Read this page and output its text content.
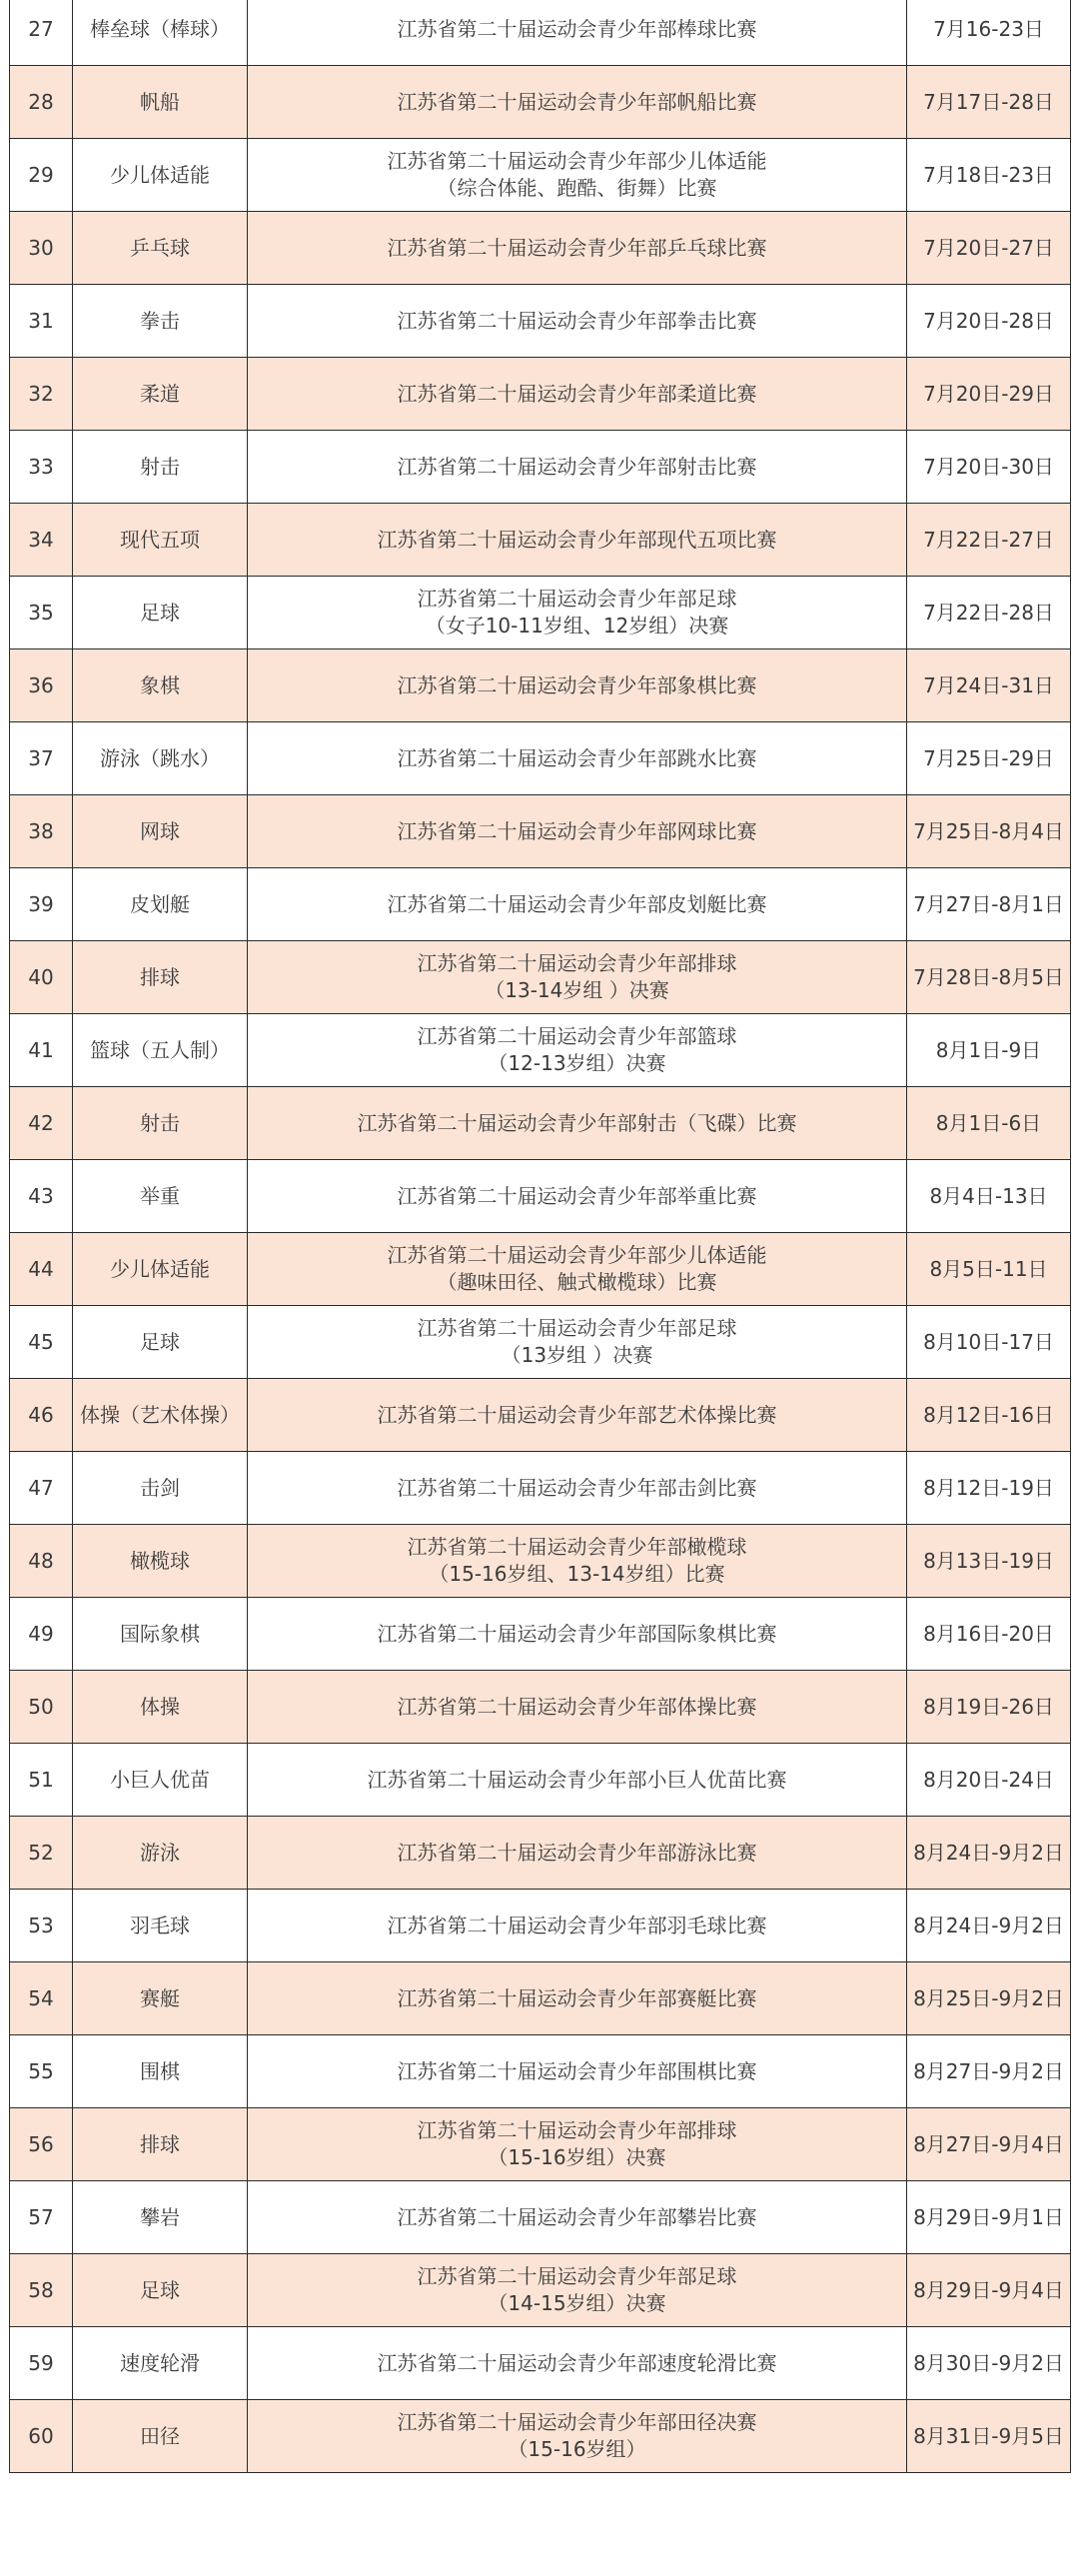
27	棒垒球（棒球）	江苏省第二十届运动会青少年部棒球比赛	7月16-23日
28	帆船	江苏省第二十届运动会青少年部帆船比赛	7月17日-28日
29	少儿体适能	江苏省第二十届运动会青少年部少儿体适能
（综合体能、跑酷、街舞）比赛	7月18日-23日
30	乒乓球	江苏省第二十届运动会青少年部乒乓球比赛	7月20日-27日
31	拳击	江苏省第二十届运动会青少年部拳击比赛	7月20日-28日
32	柔道	江苏省第二十届运动会青少年部柔道比赛	7月20日-29日
33	射击	江苏省第二十届运动会青少年部射击比赛	7月20日-30日
34	现代五项	江苏省第二十届运动会青少年部现代五项比赛	7月22日-27日
35	足球	江苏省第二十届运动会青少年部足球
（女子10-11岁组、12岁组）决赛	7月22日-28日
36	象棋	江苏省第二十届运动会青少年部象棋比赛	7月24日-31日
37	游泳（跳水）	江苏省第二十届运动会青少年部跳水比赛	7月25日-29日
38	网球	江苏省第二十届运动会青少年部网球比赛	7月25日-8月4日
39	皮划艇	江苏省第二十届运动会青少年部皮划艇比赛	7月27日-8月1日
40	排球	江苏省第二十届运动会青少年部排球
（13-14岁组 ）决赛	7月28日-8月5日
41	篮球（五人制）	江苏省第二十届运动会青少年部篮球
（12-13岁组）决赛	8月1日-9日
42	射击	江苏省第二十届运动会青少年部射击（飞碟）比赛	8月1日-6日
43	举重	江苏省第二十届运动会青少年部举重比赛	8月4日-13日
44	少儿体适能	江苏省第二十届运动会青少年部少儿体适能
（趣味田径、触式橄榄球）比赛	8月5日-11日
45	足球	江苏省第二十届运动会青少年部足球
（13岁组 ）决赛	8月10日-17日
46	体操（艺术体操）	江苏省第二十届运动会青少年部艺术体操比赛	8月12日-16日
47	击剑	江苏省第二十届运动会青少年部击剑比赛	8月12日-19日
48	橄榄球	江苏省第二十届运动会青少年部橄榄球
（15-16岁组、13-14岁组）比赛	8月13日-19日
49	国际象棋	江苏省第二十届运动会青少年部国际象棋比赛	8月16日-20日
50	体操	江苏省第二十届运动会青少年部体操比赛	8月19日-26日
51	小巨人优苗	江苏省第二十届运动会青少年部小巨人优苗比赛	8月20日-24日
52	游泳	江苏省第二十届运动会青少年部游泳比赛	8月24日-9月2日
53	羽毛球	江苏省第二十届运动会青少年部羽毛球比赛	8月24日-9月2日
54	赛艇	江苏省第二十届运动会青少年部赛艇比赛	8月25日-9月2日
55	围棋	江苏省第二十届运动会青少年部围棋比赛	8月27日-9月2日
56	排球	江苏省第二十届运动会青少年部排球
（15-16岁组）决赛	8月27日-9月4日
57	攀岩	江苏省第二十届运动会青少年部攀岩比赛	8月29日-9月1日
58	足球	江苏省第二十届运动会青少年部足球
（14-15岁组）决赛	8月29日-9月4日
59	速度轮滑	江苏省第二十届运动会青少年部速度轮滑比赛	8月30日-9月2日
60	田径	江苏省第二十届运动会青少年部田径决赛
（15-16岁组）	8月31日-9月5日
